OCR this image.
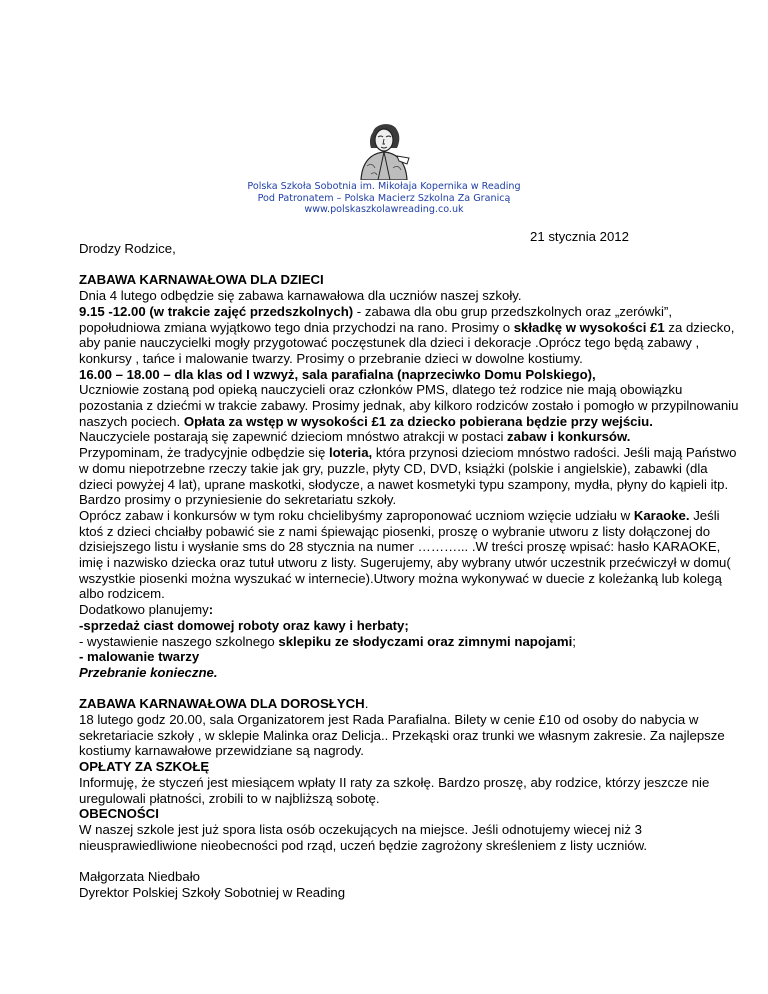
Polska Szkoła Sobotnia im. Mikołaja Kopernika w Reading
Pod Patronatem – Polska Macierz Szkolna Za Granicą
www.polskaszkolawreading.co.uk
21 stycznia 2012

Drodzy Rodzice,

ZABAWA KARNAWAŁOWA DLA DZIECI

Dnia 4 lutego odbędzie się zabawa karnawałowa dla uczniów naszej szkoły.

9.15 -12.00 (w trakcie zajęć przedszkolnych) - zabawa dla obu grup przedszkolnych oraz „zerówki”, popołudniowa zmiana wyjątkowo tego dnia przychodzi na rano. Prosimy o składkę w wysokości £1 za dziecko, aby panie nauczycielki mogły przygotować poczęstunek dla dzieci i dekoracje .Oprócz tego będą zabawy , konkursy , tańce i malowanie twarzy. Prosimy o przebranie dzieci w dowolne kostiumy.

16.00 – 18.00 – dla klas od I wzwyż, sala parafialna (naprzeciwko Domu Polskiego),

Uczniowie zostaną pod opieką nauczycieli oraz członków PMS, dlatego też rodzice nie mają obowiązku pozostania z dziećmi w trakcie zabawy. Prosimy jednak, aby kilkoro rodziców zostało i pomogło w przypilnowaniu naszych pociech. Opłata za wstęp w wysokości £1 za dziecko pobierana będzie przy wejściu.

Nauczyciele postarają się zapewnić dzieciom mnóstwo atrakcji w postaci zabaw i konkursów.

Przypominam, że tradycyjnie odbędzie się loteria, która przynosi dzieciom mnóstwo radości. Jeśli mają Państwo w domu niepotrzebne rzeczy takie jak gry, puzzle, płyty CD, DVD, książki (polskie i angielskie), zabawki (dla dzieci powyżej 4 lat), uprane maskotki, słodycze, a nawet kosmetyki typu szampony, mydła, płyny do kąpieli itp. Bardzo prosimy o przyniesienie do sekretariatu szkoły.

Oprócz zabaw i konkursów w tym roku chcielibyśmy zaproponować uczniom wzięcie udziału w Karaoke. Jeśli ktoś z dzieci chciałby pobawić sie z nami śpiewając piosenki, proszę o wybranie utworu z listy dołączonej do dzisiejszego listu i wysłanie sms do 28 stycznia na numer ………... .W treści proszę wpisać: hasło KARAOKE, imię i nazwisko dziecka oraz tutuł utworu z listy. Sugerujemy, aby wybrany utwór uczestnik przećwiczył w domu( wszystkie piosenki można wyszukać w internecie).Utwory można wykonywać w duecie z koleżanką lub kolegą albo rodzicem.

Dodatkowo planujemy:

-sprzedaż ciast domowej roboty oraz kawy i herbaty;

- wystawienie naszego szkolnego sklepiku ze słodyczami oraz zimnymi napojami;

- malowanie twarzy

Przebranie konieczne.

ZABAWA KARNAWAŁOWA DLA DOROSŁYCH.

18 lutego godz 20.00, sala Organizatorem jest Rada Parafialna. Bilety w cenie £10 od osoby do nabycia w sekretariacie szkoły , w sklepie Malinka oraz Delicja.. Przekąski oraz trunki we własnym zakresie. Za najlepsze kostiumy karnawałowe przewidziane są nagrody.

OPŁATY ZA SZKOŁĘ

Informuję, że styczeń jest miesiącem wpłaty II raty za szkołę. Bardzo proszę, aby rodzice, którzy jeszcze nie uregulowali płatności, zrobili to w najbliższą sobotę.

OBECNOŚCI

W naszej szkole jest już spora lista osób oczekujących na miejsce. Jeśli odnotujemy wiecej niż 3 nieusprawiedliwione nieobecności pod rząd, uczeń będzie zagrożony skreśleniem z listy uczniów.

Małgorzata Niedbało

Dyrektor Polskiej Szkoły Sobotniej w Reading
